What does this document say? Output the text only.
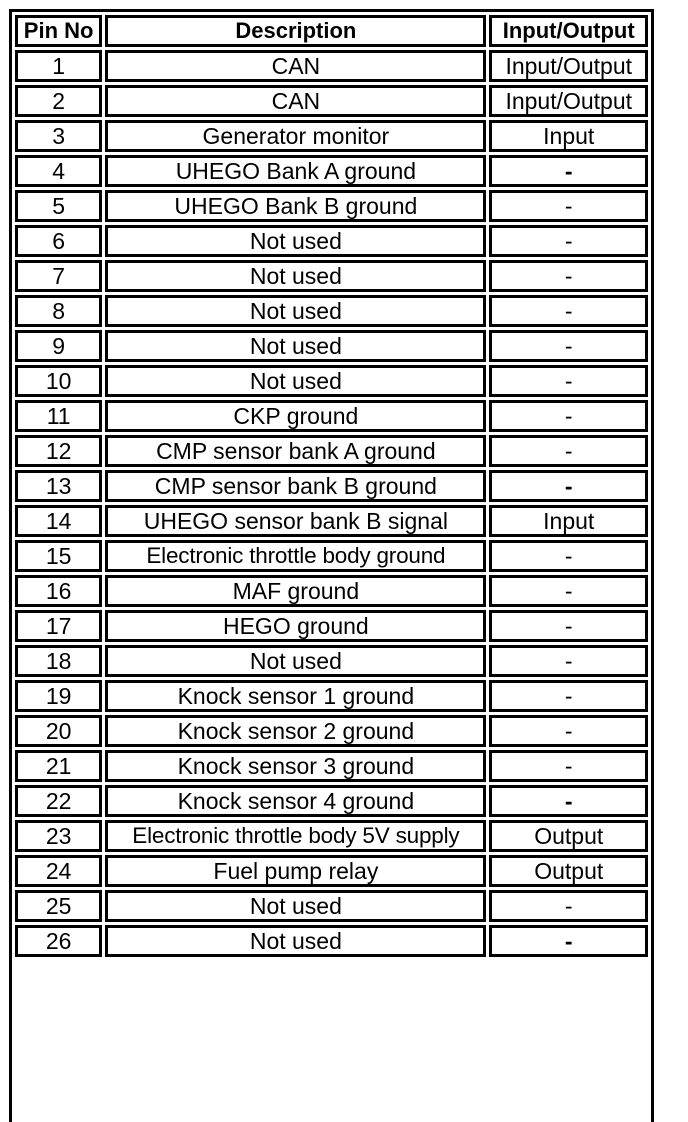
Pin No	Description	Input/Output
1	CAN	Input/Output
2	CAN	Input/Output
3	Generator monitor	Input
4	UHEGO Bank A ground	-
5	UHEGO Bank B ground	-
6	Not used	-
7	Not used	-
8	Not used	-
9	Not used	-
10	Not used	-
11	CKP ground	-
12	CMP sensor bank A ground	-
13	CMP sensor bank B ground	-
14	UHEGO sensor bank B signal	Input
15	Electronic throttle body ground	-
16	MAF ground	-
17	HEGO ground	-
18	Not used	-
19	Knock sensor 1 ground	-
20	Knock sensor 2 ground	-
21	Knock sensor 3 ground	-
22	Knock sensor 4 ground	-
23	Electronic throttle body 5V supply	Output
24	Fuel pump relay	Output
25	Not used	-
26	Not used	-
